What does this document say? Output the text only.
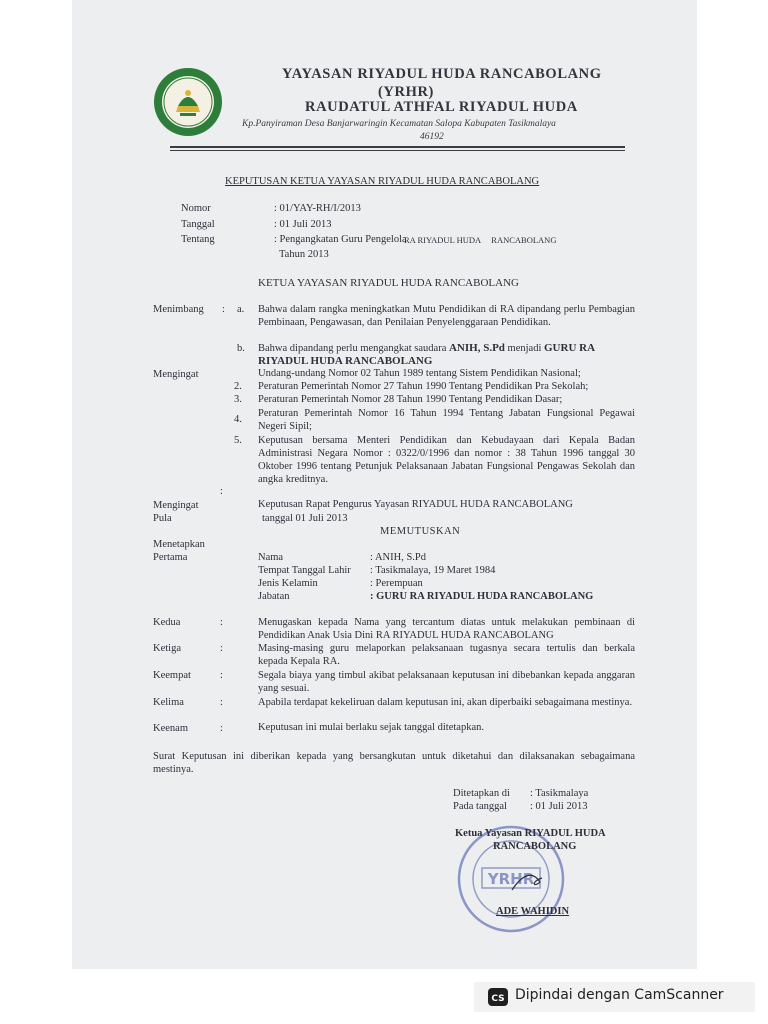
YAYASAN RIYADUL HUDA RANCABOLANG
(YRHR)
RAUDATUL ATHFAL RIYADUL HUDA
Kp.Panyiraman Desa Banjarwaringin Kecamatan Salopa Kabupaten Tasikmalaya
46192
KEPUTUSAN KETUA YAYASAN RIYADUL HUDA RANCABOLANG
Nomor	: 01/YAY-RH/I/2013
Tanggal	: 01 Juli 2013
Tentang	: Pengangkatan Guru Pengelola
RA RIYADUL HUDA     RANCABOLANG
Tahun 2013
KETUA YAYASAN RIYADUL HUDA RANCABOLANG
Menimbang : a. Bahwa dalam rangka meningkatkan Mutu Pendidikan di RA dipandang perlu Pembagian Pembinaan, Pengawasan, dan Penilaian Penyelenggaraan Pendidikan.
b. Bahwa dipandang perlu mengangkat saudara ANIH, S.Pd menjadi GURU RA RIYADUL HUDA RANCABOLANG
Mengingat	Undang-undang Nomor 02 Tahun 1989 tentang Sistem Pendidikan Nasional;
2. Peraturan Pemerintah Nomor 27 Tahun 1990 Tentang Pendidikan Pra Sekolah;
3. Peraturan Pemerintah Nomor 28 Tahun 1990 Tentang Pendidikan Dasar;
4.
Peraturan Pemerintah Nomor 16 Tahun 1994 Tentang Jabatan Fungsional Pegawai Negeri Sipil;
5. Keputusan bersama Menteri Pendidikan dan Kebudayaan dari Kepala Badan Administrasi Negara Nomor : 0322/0/1996 dan nomor : 38 Tahun 1996 tanggal 30 Oktober 1996 tentang Petunjuk Pelaksanaan Jabatan Fungsional Pengawas Sekolah dan angka kreditnya.
:
Mengingat
Pula
Keputusan Rapat Pengurus Yayasan RIYADUL HUDA RANCABOLANG
tanggal 01 Juli 2013
MEMUTUSKAN
Menetapkan
Pertama	Nama	: ANIH, S.Pd
Tempat Tanggal Lahir : Tasikmalaya, 19 Maret 1984
Jenis Kelamin	: Perempuan
Jabatan	: GURU RA RIYADUL HUDA RANCABOLANG
Kedua	:	Menugaskan kepada Nama yang tercantum diatas untuk melakukan pembinaan di Pendidikan Anak Usia Dini RA RIYADUL HUDA RANCABOLANG
Ketiga	:	Masing-masing guru melaporkan pelaksanaan tugasnya secara tertulis dan berkala kepada Kepala RA.
Keempat	:	Segala biaya yang timbul akibat pelaksanaan keputusan ini dibebankan kepada anggaran yang sesuai.
Kelima	:	Apabila terdapat kekeliruan dalam keputusan ini, akan diperbaiki sebagaimana mestinya.
Keenam	:	Keputusan ini mulai berlaku sejak tanggal ditetapkan.
Surat Keputusan ini diberikan kepada yang bersangkutan untuk diketahui dan dilaksanakan sebagaimana mestinya.
Ditetapkan di : Tasikmalaya
Pada tanggal : 01 Juli 2013
YRHR
Ketua Yayasan RIYADUL HUDA
RANCABOLANG
ADE WAHIDIN
CS Dipindai dengan CamScanner
